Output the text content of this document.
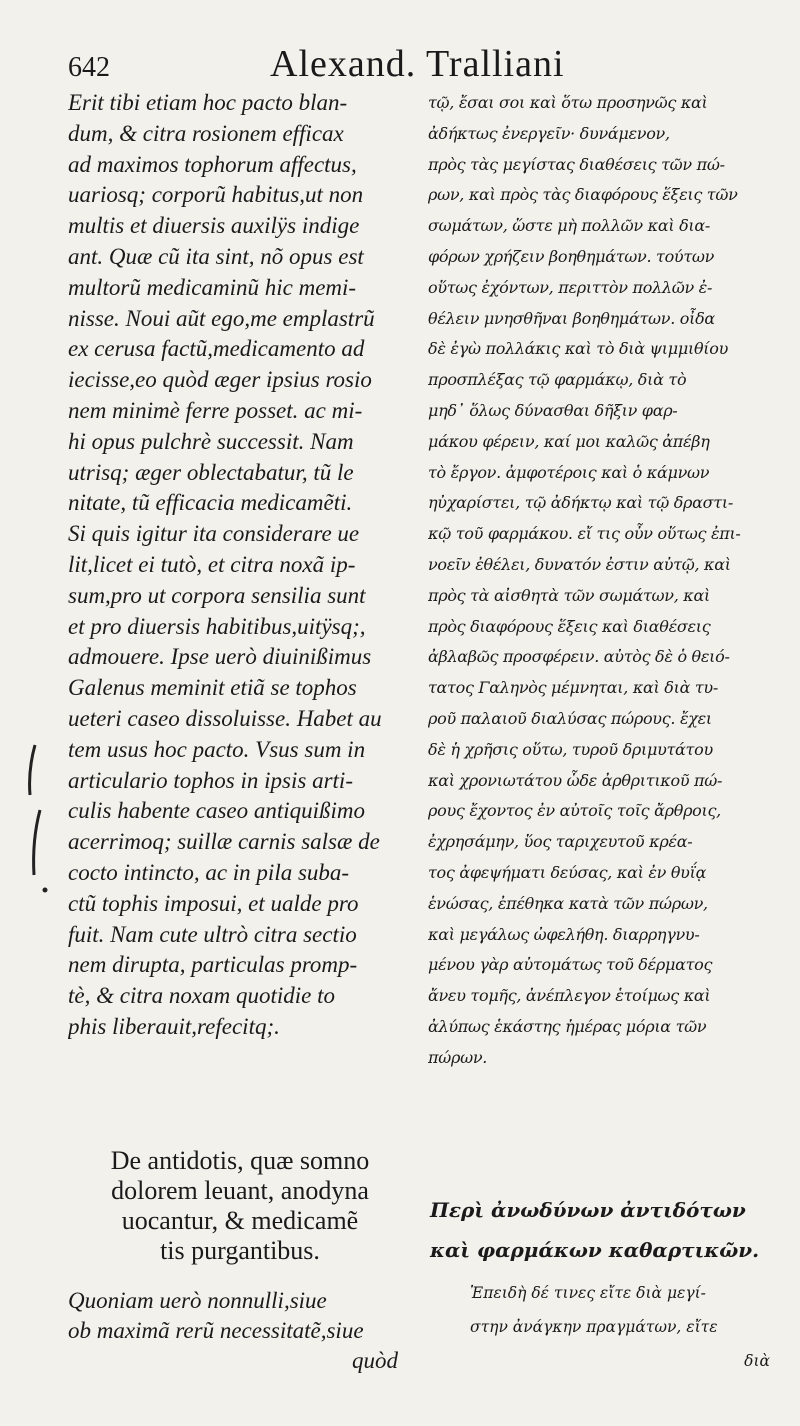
642	Alexand. Tralliani
Erit tibi etiam hoc pacto blan-
dum, & citra rosionem efficax
ad maximos tophorum affectus,
uariosq; corporũ habitus,ut non
multis et diuersis auxilÿs indige
ant. Quæ cũ ita sint, nõ opus est
multorũ medicaminũ hic memi-
nisse. Noui aũt ego,me emplastrũ
ex cerusa factũ,medicamento ad
iecisse,eo quòd æger ipsius rosio
nem minimè ferre posset. ac mi-
hi opus pulchrè successit. Nam
utrisq; æger oblectabatur, tũ le
nitate, tũ efficacia medicamẽti.
Si quis igitur ita considerare ue
lit,licet ei tutò, et citra noxã ip-
sum,pro ut corpora sensilia sunt
et pro diuersis habitibus,uitÿsq;,
admouere. Ipse uerò diuinißimus
Galenus meminit etiã se tophos
ueteri caseo dissoluisse. Habet au
tem usus hoc pacto. Vsus sum in
articulario tophos in ipsis arti-
culis habente caseo antiquißimo
acerrimoq; suillæ carnis salsæ de
cocto intincto, ac in pila suba-
ctũ tophis imposui, et ualde pro
fuit. Nam cute ultrò citra sectio
nem dirupta, particulas promp-
tè, & citra noxam quotidie to
phis liberauit,refecitq;.
De antidotis, quæ somno
dolorem leuant, anodyna
uocantur, & medicamẽ
tis purgantibus.
Quoniam uerò nonnulli,siue
ob maximã rerũ necessitatẽ,siue
quòd
τῷ, ἔσαι σοι καὶ ὅτω προσηνῶς καὶ
ἀδήκτως ἐνεργεῖν· δυνάμενον,
πρὸς τὰς μεγίστας διαθέσεις τῶν πώ-
ρων, καὶ πρὸς τὰς διαφόρους ἕξεις τῶν
σωμάτων, ὥστε μὴ πολλῶν καὶ δια-
φόρων χρήζειν βοηθημάτων. τούτων
οὕτως ἐχόντων, περιττὸν πολλῶν ἐ-
θέλειν μνησθῆναι βοηθημάτων. οἶδα
δὲ ἐγὼ πολλάκις καὶ τὸ διὰ ψιμμιθίου
προσπλέξας τῷ φαρμάκῳ, διὰ τὸ
μηδ᾽ ὅλως δύνασθαι δῆξιν φαρ-
μάκου φέρειν, καί μοι καλῶς ἀπέβη
τὸ ἔργον. ἀμφοτέροις καὶ ὁ κάμνων
ηὐχαρίστει, τῷ ἀδήκτῳ καὶ τῷ δραστι-
κῷ τοῦ φαρμάκου. εἴ τις οὖν οὕτως ἐπι-
νοεῖν ἐθέλει, δυνατόν ἐστιν αὐτῷ, καὶ
πρὸς τὰ αἰσθητὰ τῶν σωμάτων, καὶ
πρὸς διαφόρους ἕξεις καὶ διαθέσεις
ἀβλαβῶς προσφέρειν. αὐτὸς δὲ ὁ θειό-
τατος Γαληνὸς μέμνηται, καὶ διὰ τυ-
ροῦ παλαιοῦ διαλύσας πώρους. ἔχει
δὲ ἡ χρῆσις οὕτω, τυροῦ δριμυτάτου
καὶ χρονιωτάτου ὧδε ἀρθριτικοῦ πώ-
ρους ἔχοντος ἐν αὐτοῖς τοῖς ἄρθροις,
ἐχρησάμην, ὕος ταριχευτοῦ κρέα-
τος ἀφεψήματι δεύσας, καὶ ἐν θυΐᾳ
ἑνώσας, ἐπέθηκα κατὰ τῶν πώρων,
καὶ μεγάλως ὠφελήθη. διαρρηγνυ-
μένου γὰρ αὐτομάτως τοῦ δέρματος
ἄνευ τομῆς, ἀνέπλεγον ἑτοίμως καὶ
ἀλύπως ἑκάστης ἡμέρας μόρια τῶν
πώρων.
Περὶ ἀνωδύνων ἀντιδότων
καὶ φαρμάκων καθαρτικῶν.
Ἐπειδὴ δέ τινες εἴτε διὰ μεγί-
στην ἀνάγκην πραγμάτων, εἴτε
διὰ
